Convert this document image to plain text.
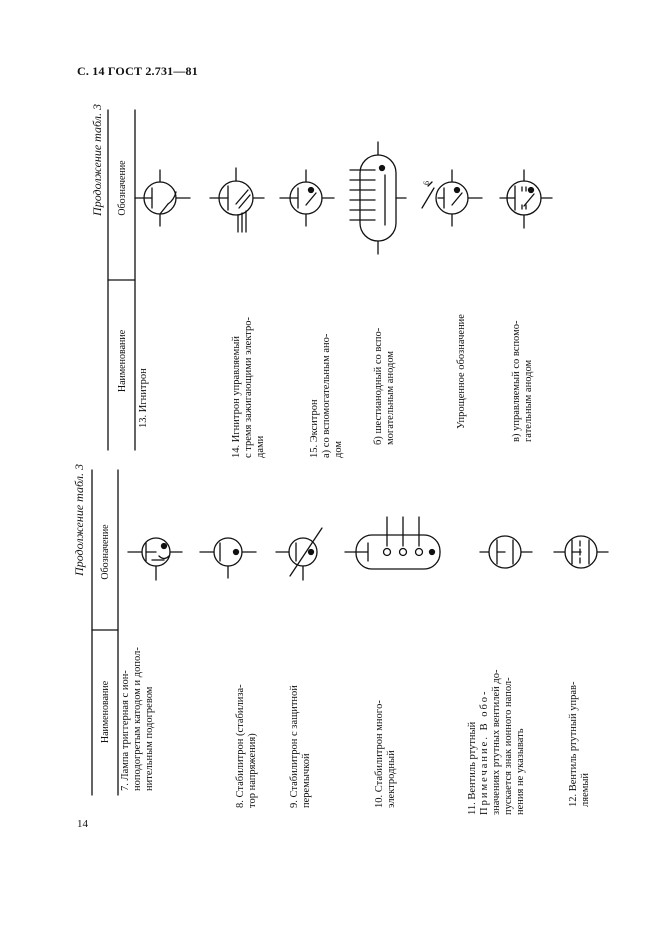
С. 14 ГОСТ 2.731—81
14
Продолжение табл. 3
Продолжение табл. 3
Наименование
Обозначение
Наименование
Обозначение
7. Лампа триггерная с ион- ноподогретым катодом и допол- нительным подогревом	8. Стабилитрон (стабилиза- тор напряжения)	9. Стабилитрон с защитной перемычкой	10. Стабилитрон многo- электродный	11. Вентиль ртутный Примечание. В обо- значениях ртутных вентилей до- пускается знак ионного напол- нения не указывать	12. Вентиль ртутный управ- ляемый
13. Игнитрон	14. Игнитрон управляемый с тремя зажигающими электро- дами	15. Экситрон а) со вспомогательным ано- дом
б) шестианодный со вспо- могательным анодом	Упрощенное обозначение	в) управляемый со вспомо- гательным анодом
6
